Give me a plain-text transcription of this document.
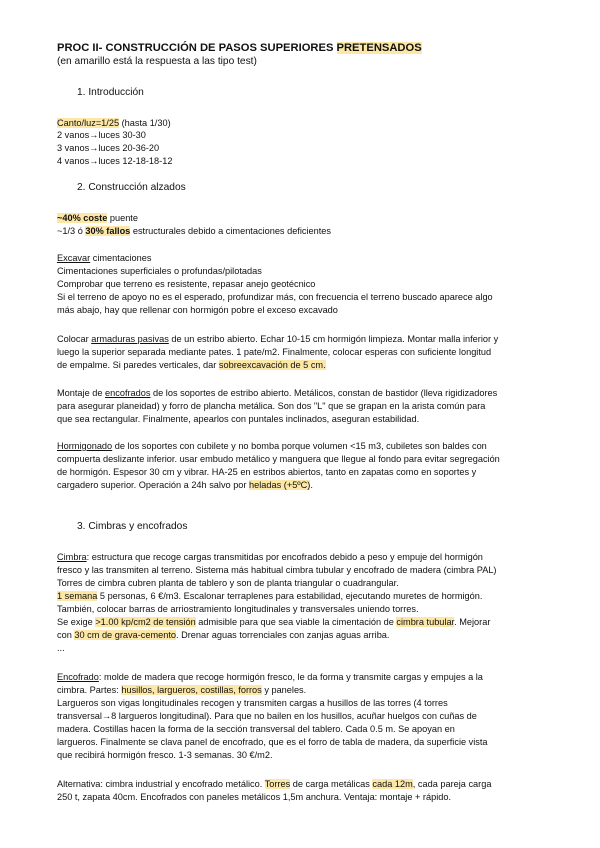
PROC II- CONSTRUCCIÓN DE PASOS SUPERIORES PRETENSADOS
(en amarillo está la respuesta a las tipo test)
1. Introducción
Canto/luz=1/25 (hasta 1/30)
2 vanos→luces 30-30
3 vanos→luces 20-36-20
4 vanos→luces 12-18-18-12
2. Construcción alzados
~40% coste puente
~1/3 ó 30% fallos estructurales debido a cimentaciones deficientes
Excavar cimentaciones
Cimentaciones superficiales o profundas/pilotadas
Comprobar que terreno es resistente, repasar anejo geotécnico
Si el terreno de apoyo no es el esperado, profundizar más, con frecuencia el terreno buscado aparece algo
más abajo, hay que rellenar con hormigón pobre el exceso excavado
Colocar armaduras pasivas de un estribo abierto. Echar 10-15 cm hormigón limpieza. Montar malla inferior y
luego la superior separada mediante pates. 1 pate/m2. Finalmente, colocar esperas con suficiente longitud
de empalme. Si paredes verticales, dar sobreexcavación de 5 cm.
Montaje de encofrados de los soportes de estribo abierto. Metálicos, constan de bastidor (lleva rigidizadores
para asegurar planeidad) y forro de plancha metálica. Son dos "L" que se grapan en la arista común para
que sea rectangular. Finalmente, apearlos con puntales inclinados, aseguran estabilidad.
Hormigonado de los soportes con cubilete y no bomba porque volumen <15 m3, cubiletes son baldes con
compuerta deslizante inferior. usar embudo metálico y manguera que llegue al fondo para evitar segregación
de hormigón. Espesor 30 cm y vibrar. HA-25 en estribos abiertos, tanto en zapatas como en soportes y
cargadero superior. Operación a 24h salvo por heladas (+5ºC).
3. Cimbras y encofrados
Cimbra: estructura que recoge cargas transmitidas por encofrados debido a peso y empuje del hormigón
fresco y las transmiten al terreno. Sistema más habitual cimbra tubular y encofrado de madera (cimbra PAL)
Torres de cimbra cubren planta de tablero y son de planta triangular o cuadrangular.
1 semana 5 personas, 6 €/m3. Escalonar terraplenes para estabilidad, ejecutando muretes de hormigón.
También, colocar barras de arriostramiento longitudinales y transversales uniendo torres.
Se exige >1.00 kp/cm2 de tensión admisible para que sea viable la cimentación de cimbra tubular. Mejorar
con 30 cm de grava-cemento. Drenar aguas torrenciales con zanjas aguas arriba.
...
Encofrado: molde de madera que recoge hormigón fresco, le da forma y transmite cargas y empujes a la
cimbra. Partes: husillos, largueros, costillas, forros y paneles.
Largueros son vigas longitudinales recogen y transmiten cargas a husillos de las torres (4 torres
transversal→8 largueros longitudinal). Para que no bailen en los husillos, acuñar huelgos con cuñas de
madera. Costillas hacen la forma de la sección transversal del tablero. Cada 0.5 m. Se apoyan en
largueros. Finalmente se clava panel de encofrado, que es el forro de tabla de madera, da superficie vista
que recibirá hormigón fresco. 1-3 semanas. 30 €/m2.
Alternativa: cimbra industrial y encofrado metálico. Torres de carga metálicas cada 12m, cada pareja carga
250 t, zapata 40cm. Encofrados con paneles metálicos 1,5m anchura. Ventaja: montaje + rápido.
